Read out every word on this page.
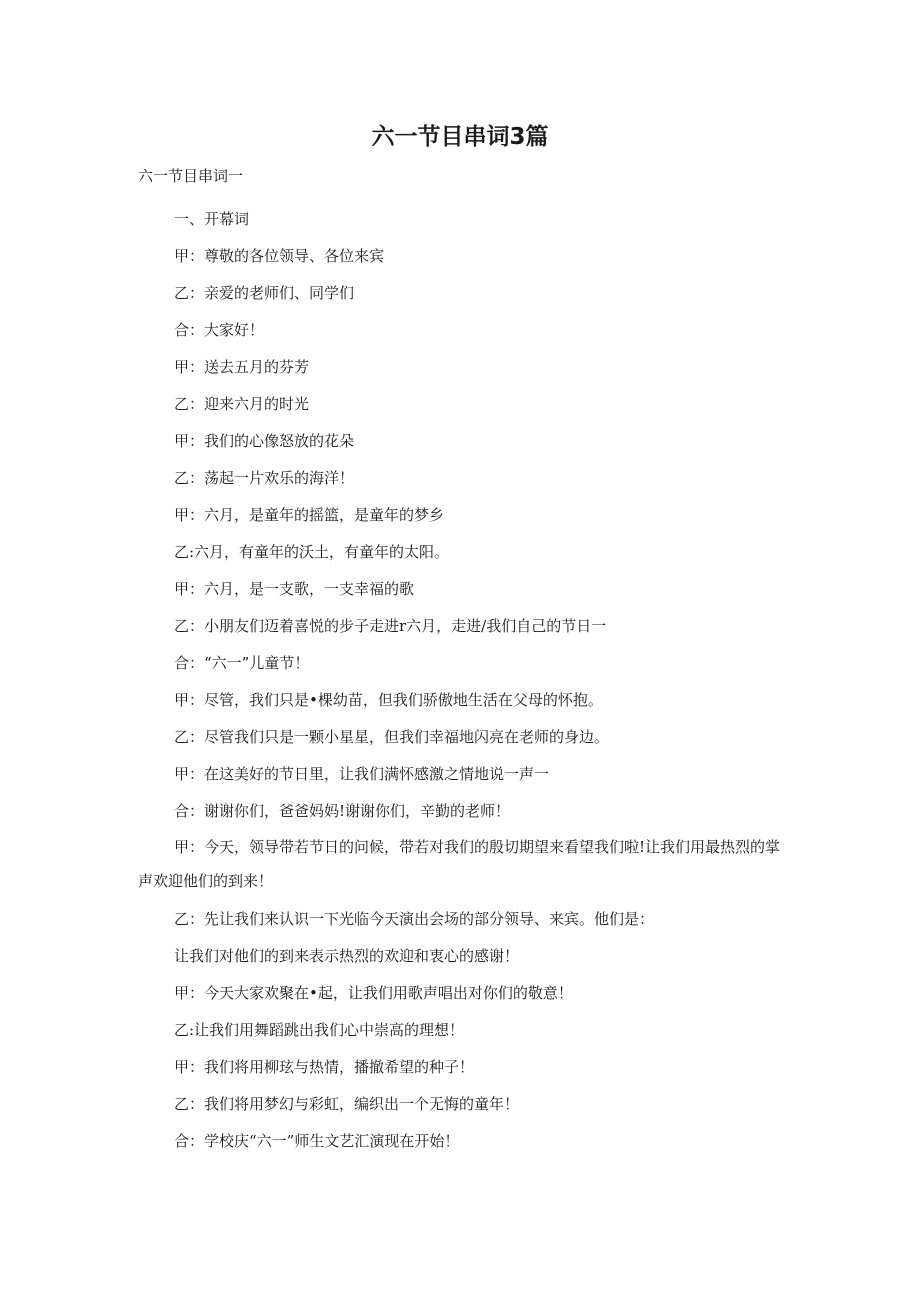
六一节目串词3篇

六一节目串词一

一、开幕词

甲：尊敬的各位领导、各位来宾

乙：亲爱的老师们、同学们

合：大家好！

甲：送去五月的芬芳

乙：迎来六月的时光

甲：我们的心像怒放的花朵

乙：荡起一片欢乐的海洋！

甲：六月，是童年的摇篮，是童年的梦乡

乙:六月，有童年的沃土，有童年的太阳。

甲：六月，是一支歌，一支幸福的歌

乙：小朋友们迈着喜悦的步子走进r六月，走进/我们自己的节日一

合：“六一”儿童节！

甲：尽管，我们只是•棵幼苗，但我们骄傲地生活在父母的怀抱。

乙：尽管我们只是一颗小星星，但我们幸福地闪亮在老师的身边。

甲：在这美好的节日里，让我们满怀感激之情地说一声一

合：谢谢你们，爸爸妈妈!谢谢你们，辛勤的老师！

甲：今天，领导带若节日的问候，带若对我们的殷切期望来看望我们啦!让我们用最热烈的掌声欢迎他们的到来！

乙：先让我们来认识一下光临今天演出会场的部分领导、来宾。他们是：

让我们对他们的到来表示热烈的欢迎和衷心的感谢！

甲：今天大家欢聚在•起，让我们用歌声唱出对你们的敬意！

乙:让我们用舞蹈跳出我们心中崇高的理想！

甲：我们将用柳玹与热情，播撤希望的种子！

乙：我们将用梦幻与彩虹，编织出一个无悔的童年！

合：学校庆“六一”师生文艺汇演现在开始！
